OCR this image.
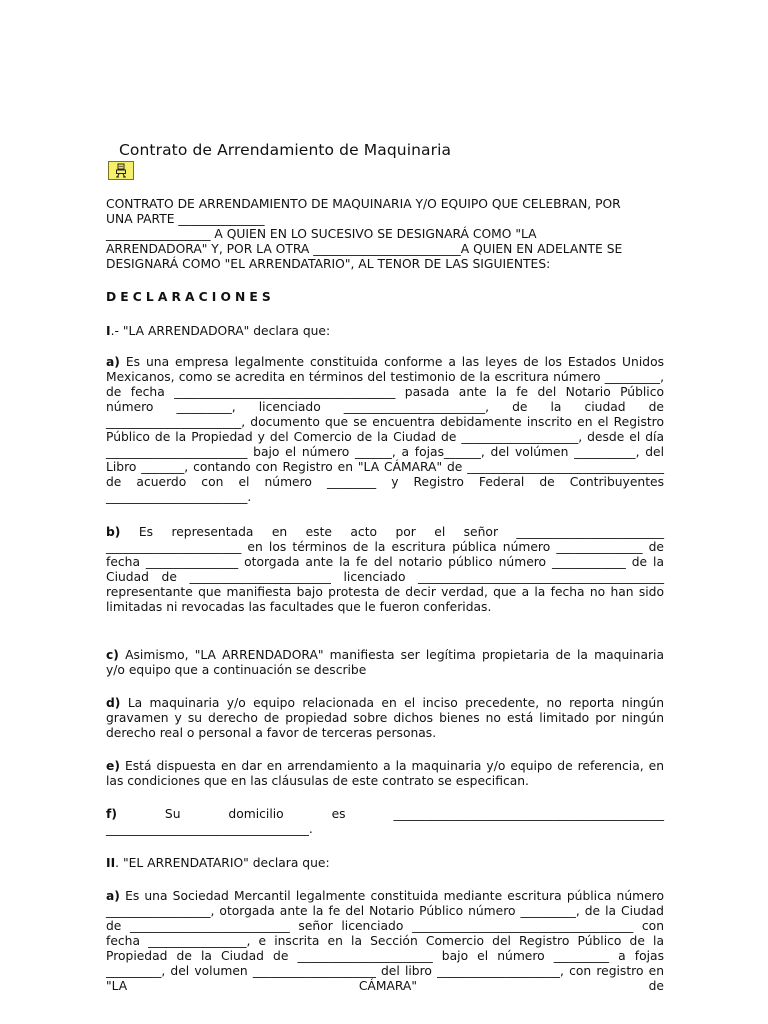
Contrato de Arrendamiento de Maquinaria

CONTRATO DE ARRENDAMIENTO DE MAQUINARIA Y/O EQUIPO QUE CELEBRAN, POR

UNA PARTE ______________

_________________ A QUIEN EN LO SUCESIVO SE DESIGNARÁ COMO "LA

ARRENDADORA" Y, POR LA OTRA ________________________A QUIEN EN ADELANTE SE

DESIGNARÁ COMO "EL ARRENDATARIO", AL TENOR DE LAS SIGUIENTES:

DECLARACIONES

I.- "LA ARRENDADORA" declara que:

a) Es una empresa legalmente constituida conforme a las leyes de los Estados Unidos Mexicanos, como se acredita en términos del testimonio de la escritura número _________, de fecha ____________________________________ pasada ante la fe del Notario Público número _________, licenciado _______________________, de la ciudad de ______________________, documento que se encuentra debidamente inscrito en el Registro Público de la Propiedad y del Comercio de la Ciudad de ___________________, desde el día _______________________ bajo el número ______, a fojas______, del volúmen __________, del Libro _______, contando con Registro en "LA CÁMARA" de ________________________________ de acuerdo con el número ________ y Registro Federal de Contribuyentes _______________________.

b) Es representada en este acto por el señor ________________________ ______________________ en los términos de la escritura pública número ______________ de fecha _______________ otorgada ante la fe del notario público número ____________ de la Ciudad de _______________________ licenciado ________________________________________ representante que manifiesta bajo protesta de decir verdad, que a la fecha no han sido limitadas ni revocadas las facultades que le fueron conferidas.

c) Asimismo, "LA ARRENDADORA" manifiesta ser legítima propietaria de la maquinaria y/o equipo que a continuación se describe

d) La maquinaria y/o equipo relacionada en el inciso precedente, no reporta ningún gravamen y su derecho de propiedad sobre dichos bienes no está limitado por ningún derecho real o personal a favor de terceras personas.

e) Está dispuesta en dar en arrendamiento a la maquinaria y/o equipo de referencia, en las condiciones que en las cláusulas de este contrato se especifican.

f)	Su domicilio es ____________________________________________

_________________________________.

II. "EL ARRENDATARIO" declara que:

a) Es una Sociedad Mercantil legalmente constituida mediante escritura pública número _________________, otorgada ante la fe del Notario Público número _________, de la Ciudad de __________________________ señor licenciado ____________________________________ con fecha ________________, e inscrita en la Sección Comercio del Registro Público de la Propiedad de la Ciudad de ______________________ bajo el número _________ a fojas _________, del volumen ____________________ del libro ____________________, con registro en "LA CÁMARA" de
